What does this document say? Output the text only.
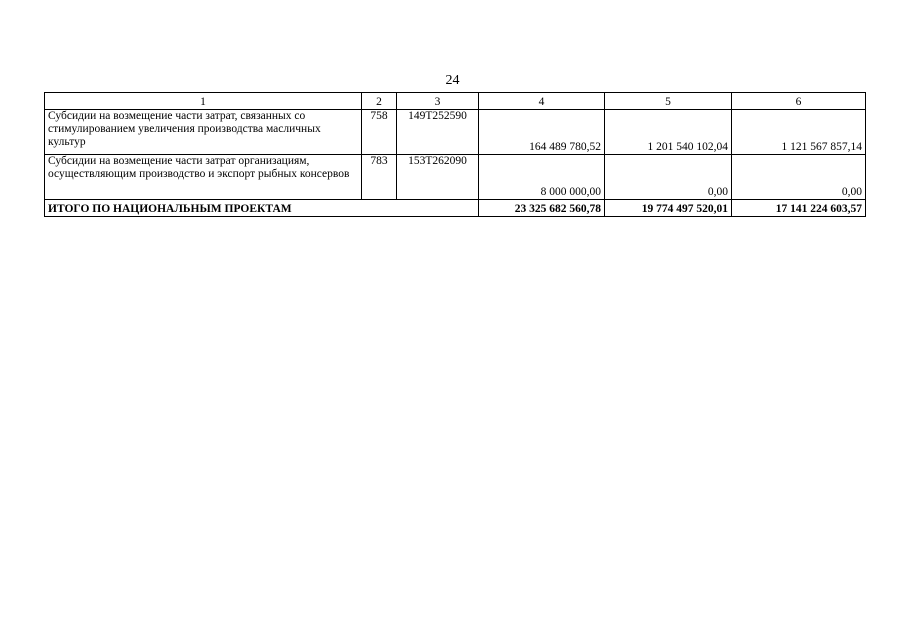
24
1	2	3	4	5	6
Субсидии на возмещение части затрат, связанных со стимулированием увеличения производства масличных культур	758	149Т252590	164 489 780,52	1 201 540 102,04	1 121 567 857,14
Субсидии на возмещение части затрат организациям, осуществляющим производство и экспорт рыбных консервов	783	153Т262090	8 000 000,00	0,00	0,00
ИТОГО ПО НАЦИОНАЛЬНЫМ ПРОЕКТАМ			23 325 682 560,78	19 774 497 520,01	17 141 224 603,57
